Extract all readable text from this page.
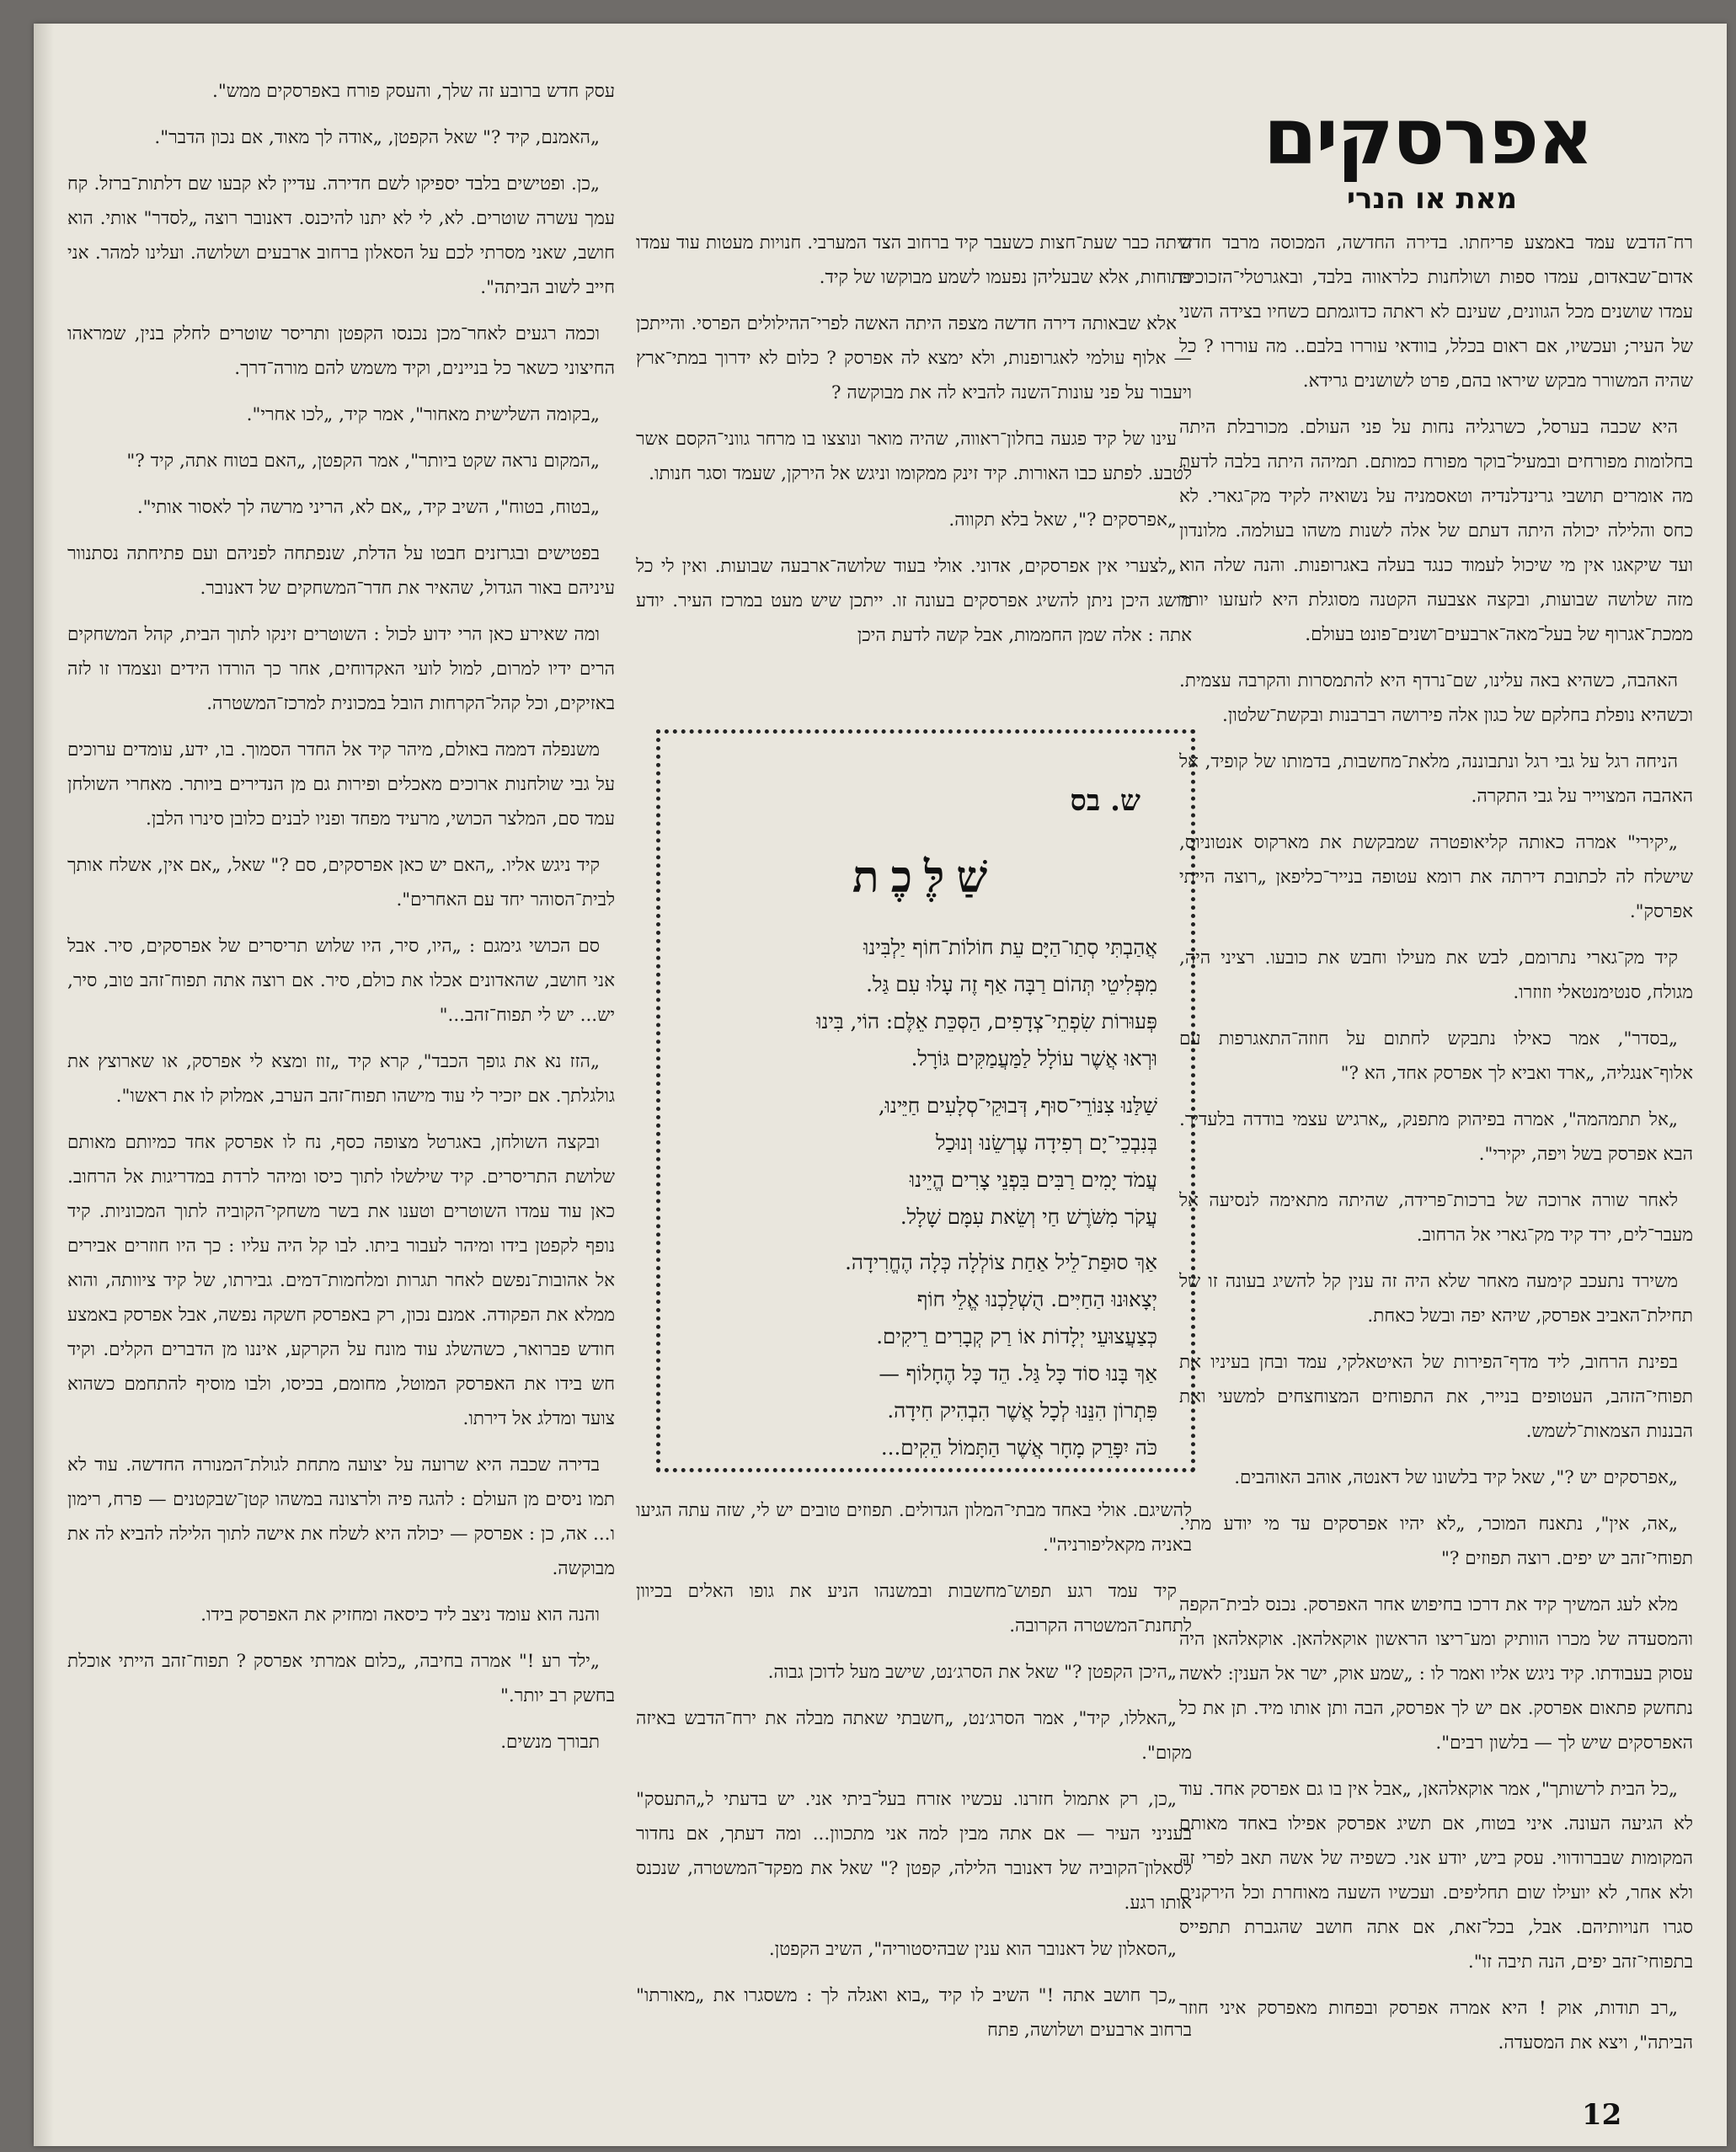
אפרסקים
מאת או הנרי

רח־הדבש עמד באמצע פריחתו. בדירה החדשה, המכוסה מרבד חדש אדום־שבאדום, עמדו ספות ושולחנות כלראווה בלבד, ובאגרטלי־הזכוכית עמדו שושנים מכל הגוונים, שעינם לא ראתה כדוגמתם כשחיו בצידה השני של העיר; ועכשיו, אם ראום בכלל, בוודאי עוררו בלבם.. מה עוררו ? כל שהיה המשורר מבקש שיראו בהם, פרט לשושנים גרידא.

היא שכבה בערסל, כשרגליה נחות על פני העולם. מכורבלת היתה בחלומות מפורחים ובמעיל־בוקר מפורח כמותם. תמיהה היתה בלבה לדעת מה אומרים תושבי גרינדלנדיה וטאסמניה על נשואיה לקיד מק־גארי. לא כחס והלילה יכולה היתה דעתם של אלה לשנות משהו בעולמה. מלונדון ועד שיקאגו אין מי שיכול לעמוד כנגד בעלה באגרופנות. והנה שלה הוא מזה שלושה שבועות, ובקצה אצבעה הקטנה מסוגלת היא לזעזעו יותר ממכת־אגרוף של בעל־מאה־ארבעים־ושנים־פונט בעולם.

האהבה, כשהיא באה עלינו, שם־נרדף היא להתמסרות והקרבה עצמית. וכשהיא נופלת בחלקם של כגון אלה פירושה רברבנות ובקשת־שלטון.

הניחה רגל על גבי רגל ונתבוננה, מלאת־מחשבות, בדמותו של קופיד, אל האהבה המצוייר על גבי התקרה.

„יקירי" אמרה כאותה קליאופטרה שמבקשת את מארקוס אנטוניוס, שישלח לה לכתובת דירתה את רומא עטופה בנייר־כליפאן „רוצה הייתי אפרסק".

קיד מק־גארי נתרומם, לבש את מעילו וחבש את כובעו. רציני היה, מגולח, סנטימנטאלי וזוזרו.

„בסדר", אמר כאילו נתבקש לחתום על חוזה־התאגרפות עם אלוף־אנגליה, „ארד ואביא לך אפרסק אחד, הא ?"

„אל תתמהמה", אמרה בפיהוק מתפנק, „ארגיש עצמי בודדה בלעדיך. הבא אפרסק בשל ויפה, יקירי".

לאחר שורה ארוכה של ברכות־פרידה, שהיתה מתאימה לנסיעה אל מעבר־לים, ירד קיד מק־גארי אל הרחוב.

משירד נתעכב קימעה מאחר שלא היה זה ענין קל להשיג בעונה זו של תחילת־האביב אפרסק, שיהא יפה ובשל כאחת.

בפינת הרחוב, ליד מדף־הפירות של האיטאלקי, עמד ובחן בעיניו את תפוחי־הזהב, העטופים בנייר, את התפוחים המצוחצחים למשעי ואת הבננות הצמאות־לשמש.

„אפרסקים יש ?", שאל קיד בלשונו של דאנטה, אוהב האוהבים.

„אה, אין", נתאנח המוכר, „לא יהיו אפרסקים עד מי יודע מתי. תפוחי־זהב יש יפים. רוצה תפוזים ?"

מלא לעג המשיך קיד את דרכו בחיפוש אחר האפרסק. נכנס לבית־הקפה והמסעדה של מכרו הוותיק ומע־ריצו הראשון אוקאלהאן. אוקאלהאן היה עסוק בעבודתו. קיד ניגש אליו ואמר לו : „שמע אוק, ישר אל הענין: לאשה נתחשק פתאום אפרסק. אם יש לך אפרסק, הבה ותן אותו מיד. תן את כל האפרסקים שיש לך — בלשון רבים".

„כל הבית לרשותך", אמר אוקאלהאן, „אבל אין בו גם אפרסק אחד. עוד לא הגיעה העונה. איני בטוח, אם תשיג אפרסק אפילו באחד מאותם המקומות שבברודווי. עסק ביש, יודע אני. כשפיה של אשה תאב לפרי זה ולא אחר, לא יועילו שום תחליפים. ועכשיו השעה מאוחרת וכל הירקנים סגרו חנויותיהם. אבל, בכל־זאת, אם אתה חושב שהגברת תתפייס בתפוחי־זהב יפים, הנה תיבה זו".

„רב תודות, אוק ! היא אמרה אפרסק ובפחות מאפרסק איני חוזר הביתה", ויצא את המסעדה.

היתה כבר שעת־חצות כשעבר קיד ברחוב הצד המערבי. חנויות מעטות עוד עמדו פתוחות, אלא שבעליהן נפעמו לשמע מבוקשו של קיד.

אלא שבאותה דירה חדשה מצפה היתה האשה לפרי־ההילולים הפרסי. והייתכן — אלוף עולמי לאגרופנות, ולא ימצא לה אפרסק ? כלום לא ידרוך במתי־ארץ ויעבור על פני עונות־השנה להביא לה את מבוקשה ?

עינו של קיד פגעה בחלון־ראווה, שהיה מואר ונוצצו בו מרחר גווני־הקסם אשר לטבע. לפתע כבו האורות. קיד זינק ממקומו וניגש אל הירקן, שעמד וסגר חנותו.

„אפרסקים ?", שאל בלא תקווה.

„לצערי אין אפרסקים, אדוני. אולי בעוד שלושה־ארבעה שבועות. ואין לי כל מושג היכן ניתן להשיג אפרסקים בעונה זו. ייתכן שיש מעט במרכז העיר. יודע אתה : אלה שמן החממות, אבל קשה לדעת היכן

ש. בס
שַׁלֶּכֶת
אֲהַבְתִּי סְתַו־הַיָּם עֵת חוֹלוֹת־חוֹף יַלְבִּינוּ
מִפְּלִיטֵי תְּהוֹם רַבָּה אַף זֶה עָלוּ עִם גַּל.
פְּעוּרוֹת שִׂפְתֵי־צְדָפִים, הַסְּכֵּת אֵלֶּם: הוֹי, בִּינוּ
וּרְאוּ אֲשֶׁר עוֹלָל לַמַּעֲמַקִּים גּוֹרָל.
שַׁלַּנוּ צִנּוֹרֵי־סוּף, דְּבוּקֵי־סְלָעִים חַיֵּינוּ,
בְּנִבְכֵי־יָם רְפִידָה עֶרְשֵׂנוּ וְנוּכַל
עֲמֹד יָמִים רַבִּים בִּפְנֵי צָרִים הֱיֵינוּ
עֲקֹר מִשֹּׁרֶשׁ חַי וְשֵׂאת עִמָּם שָׁלָל.
אַךְ סוּפַת־לֵיל אַחַת צוֹלְלָה כְּלָה הֶחֱרִידָה.
יְצָאוּנוּ הַחַיִּים. הֻשְׁלַכְנוּ אֱלֵי חוֹף
כְּצַעֲצוּעֵי יְלָדוֹת אוֹ רַק קְבָרִים רֵיקִים.
אַךְ בָּנוּ סוֹד כָּל גַּל. הֵד כָּל הֶחָלוֹף —
פִּתְרוֹן הִנֵּנוּ לְכָל אֲשֶׁר הִבְהִיק חִידָה.
כֹּה יִפָּרֵק מָחָר אֲשֶׁר הַתָּמוֹל הֵקִים...

להשיגם. אולי באחד מבתי־המלון הגדולים. תפוזים טובים יש לי, שזה עתה הגיעו באניה מקאליפורניה".

קיד עמד רגע תפוש־מחשבות ובמשנהו הניע את גופו האלים בכיוון לתחנת־המשטרה הקרובה.

„היכן הקפטן ?" שאל את הסרג׳נט, שישב מעל לדוכן גבוה.

„האללו, קיד", אמר הסרג׳נט, „חשבתי שאתה מבלה את ירח־הדבש באיזה מקום".

„כן, רק אתמול חזרנו. עכשיו אזרח בעל־ביתי אני. יש בדעתי ל„התעסק" בעניני העיר — אם אתה מבין למה אני מתכוון... ומה דעתך, אם נחדור לסאלון־הקוביה של דאנובר הלילה, קפטן ?" שאל את מפקד־המשטרה, שנכנס אותו רגע.

„הסאלון של דאנובר הוא ענין שבהיסטוריה", השיב הקפטן.

„כך חושב אתה !" השיב לו קיד „בוא ואגלה לך : משסגרו את „מאורתו" ברחוב ארבעים ושלושה, פתח

עסק חדש ברובע זה שלך, והעסק פורח באפרסקים ממש".

„האמנם, קיד ?" שאל הקפטן, „אודה לך מאוד, אם נכון הדבר".

„כן. ופטישים בלבד יספיקו לשם חדירה. עדיין לא קבעו שם דלתות־ברזל. קח עמך עשרה שוטרים. לא, לי לא יתנו להיכנס. דאנובר רוצה „לסדר" אותי. הוא חושב, שאני מסרתי לכם על הסאלון ברחוב ארבעים ושלושה. ועלינו למהר. אני חייב לשוב הביתה".

וכמה רגעים לאחר־מכן נכנסו הקפטן ותריסר שוטרים לחלק בנין, שמראהו החיצוני כשאר כל בניינים, וקיד משמש להם מורה־דרך.

„בקומה השלישית מאחור", אמר קיד, „לכו אחרי".

„המקום נראה שקט ביותר", אמר הקפטן, „האם בטוח אתה, קיד ?"

„בטוח, בטוח", השיב קיד, „אם לא, הריני מרשה לך לאסור אותי".

בפטישים ובגרזנים חבטו על הדלת, שנפתחה לפניהם ועם פתיחתה נסתנוור עיניהם באור הגדול, שהאיר את חדר־המשחקים של דאנובר.

ומה שאירע כאן הרי ידוע לכול : השוטרים זינקו לתוך הבית, קהל המשחקים הרים ידיו למרום, למול לועי האקדוחים, אחר כך הורדו הידים ונצמדו זו לזה באזיקים, וכל קהל־הקרחות הובל במכונית למרכז־המשטרה.

משנפלה דממה באולם, מיהר קיד אל החדר הסמוך. בו, ידע, עומדים ערוכים על גבי שולחנות ארוכים מאכלים ופירות גם מן הנדירים ביותר. מאחרי השולחן עמד סם, המלצר הכושי, מרעיד מפחד ופניו לבנים כלובן סינרו הלבן.

קיד ניגש אליו. „האם יש כאן אפרסקים, סם ?" שאל, „אם אין, אשלח אותך לבית־הסוהר יחד עם האחרים".

סם הכושי גימגם : „היו, סיר, היו שלוש תריסרים של אפרסקים, סיר. אבל אני חושב, שהאדונים אכלו את כולם, סיר. אם רוצה אתה תפוח־זהב טוב, סיר, יש... יש לי תפוח־זהב..."

„הזז נא את גופך הכבד", קרא קיד „זוז ומצא לי אפרסק, או שארוצץ את גולגלתך. אם יזכיר לי עוד מישהו תפוח־זהב הערב, אמלוק לו את ראשו".

ובקצה השולחן, באגרטל מצופה כסף, נח לו אפרסק אחד כמיותם מאותם שלושת התריסרים. קיד שילשלו לתוך כיסו ומיהר לרדת במדריגות אל הרחוב. כאן עוד עמדו השוטרים וטענו את בשר משחקי־הקוביה לתוך המכוניות. קיד נופף לקפטן בידו ומיהר לעבור ביתו. לבו קל היה עליו : כך היו חוזרים אבירים אל אהובות־נפשם לאחר תגרות ומלחמות־דמים. גבירתו, של קיד ציוותה, והוא ממלא את הפקודה. אמנם נכון, רק באפרסק חשקה נפשה, אבל אפרסק באמצע חודש פברואר, כשהשלג עוד מונח על הקרקע, איננו מן הדברים הקלים. וקיד חש בידו את האפרסק המוטל, מחומם, בכיסו, ולבו מוסיף להתחמם כשהוא צועד ומדלג אל דירתו.

בדירה שכבה היא שרועה על יצועה מתחת לגולת־המנורה החדשה. עוד לא תמו ניסים מן העולם : להגה פיה ולרצונה במשהו קטן־שבקטנים — פרח, רימון ו... אה, כן : אפרסק — יכולה היא לשלח את אישה לתוך הלילה להביא לה את מבוקשה.

והנה הוא עומד ניצב ליד כיסאה ומחזיק את האפרסק בידו.

„ילד רע !" אמרה בחיבה, „כלום אמרתי אפרסק ? תפוח־זהב הייתי אוכלת בחשק רב יותר."

תבורך מנשים.

12
